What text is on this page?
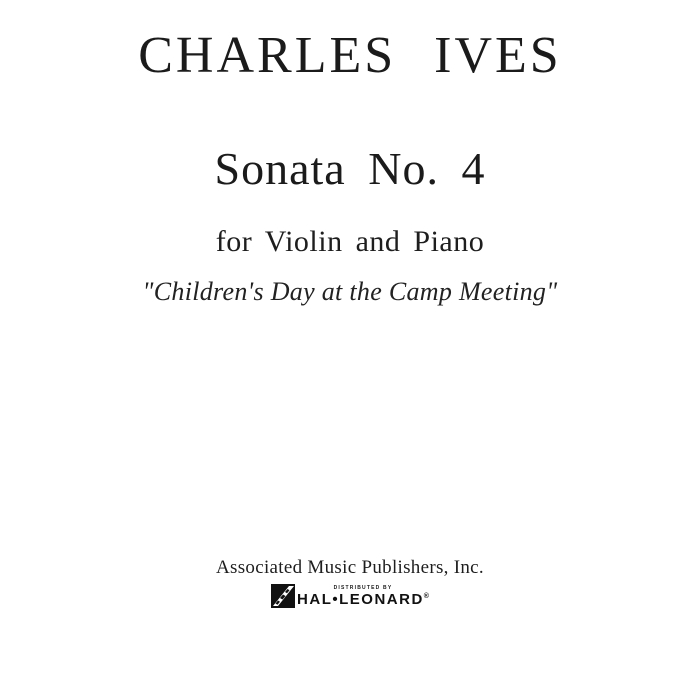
CHARLES IVES
Sonata No. 4
for Violin and Piano
"Children's Day at the Camp Meeting"
Associated Music Publishers, Inc.
DISTRIBUTED BY
HAL•LEONARD®
